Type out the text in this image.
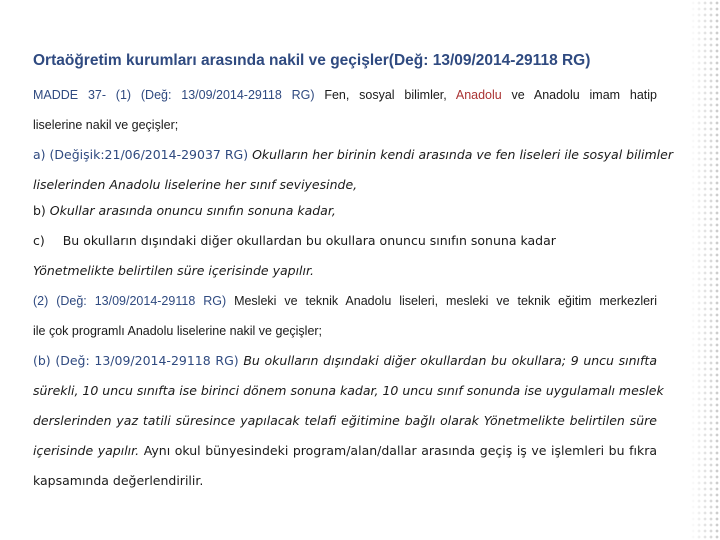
Ortaöğretim kurumları arasında nakil ve geçişler(Değ: 13/09/2014-29118 RG)
MADDE 37- (1) (Değ: 13/09/2014-29118 RG) Fen, sosyal bilimler, Anadolu ve Anadolu imam hatip
liselerine nakil ve geçişler;
a) (Değişik:21/06/2014-29037 RG) Okulların her birinin kendi arasında ve fen liseleri ile sosyal bilimler
liselerinden Anadolu liselerine her sınıf seviyesinde,
b) Okullar arasında onuncu sınıfın sonuna kadar,
c) Bu okulların dışındaki diğer okullardan bu okullara onuncu sınıfın sonuna kadar
Yönetmelikte belirtilen süre içerisinde yapılır.
(2) (Değ: 13/09/2014-29118 RG) Mesleki ve teknik Anadolu liseleri, mesleki ve teknik eğitim merkezleri
ile çok programlı Anadolu liselerine nakil ve geçişler;
(b) (Değ: 13/09/2014-29118 RG) Bu okulların dışındaki diğer okullardan bu okullara; 9 uncu sınıfta
sürekli, 10 uncu sınıfta ise birinci dönem sonuna kadar, 10 uncu sınıf sonunda ise uygulamalı meslek
derslerinden yaz tatili süresince yapılacak telafi eğitimine bağlı olarak Yönetmelikte belirtilen süre
içerisinde yapılır. Aynı okul bünyesindeki program/alan/dallar arasında geçiş iş ve işlemleri bu fıkra
kapsamında değerlendirilir.
